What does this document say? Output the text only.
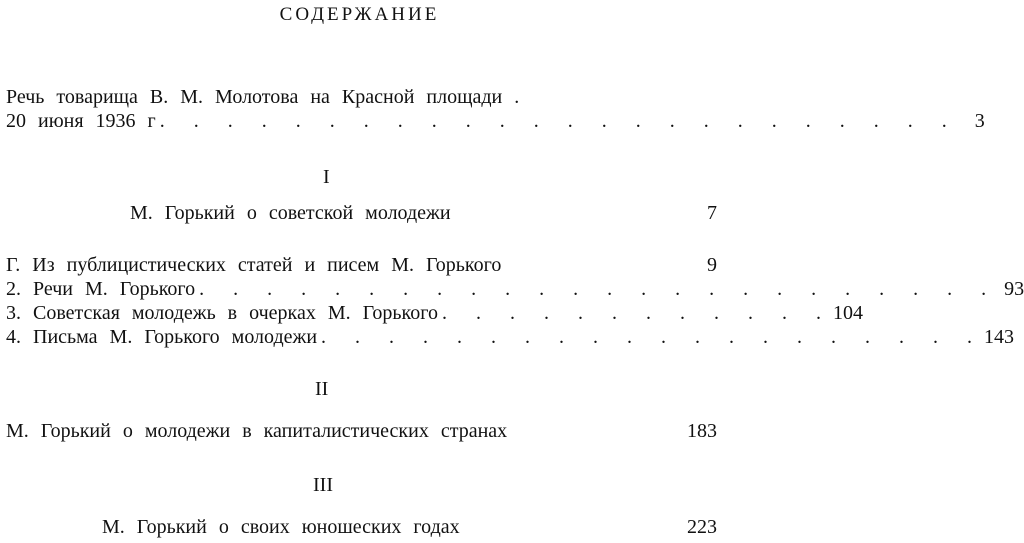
СОДЕРЖАНИЕ
Речь товарища В. М. Молотова на Красной площади .
20 июня 1936 г . . . . . . . . . . . . . . . . . . . . . . . . 3
I
М. Горький о советской молодежи	7
Г. Из публицистических статей и писем М. Горького	9
2. Речи М. Горького . . . . . . . . . . . . . . . . . . . . . . . . 93
3. Советская молодежь в очерках М. Горького . . . . . . . . . . . . 104
4. Письма М. Горького молодежи . . . . . . . . . . . . . . . . . . . . 143
II
М. Горький о молодежи в капиталистических странах	183
III
М. Горький о своих юношеских годах	223
